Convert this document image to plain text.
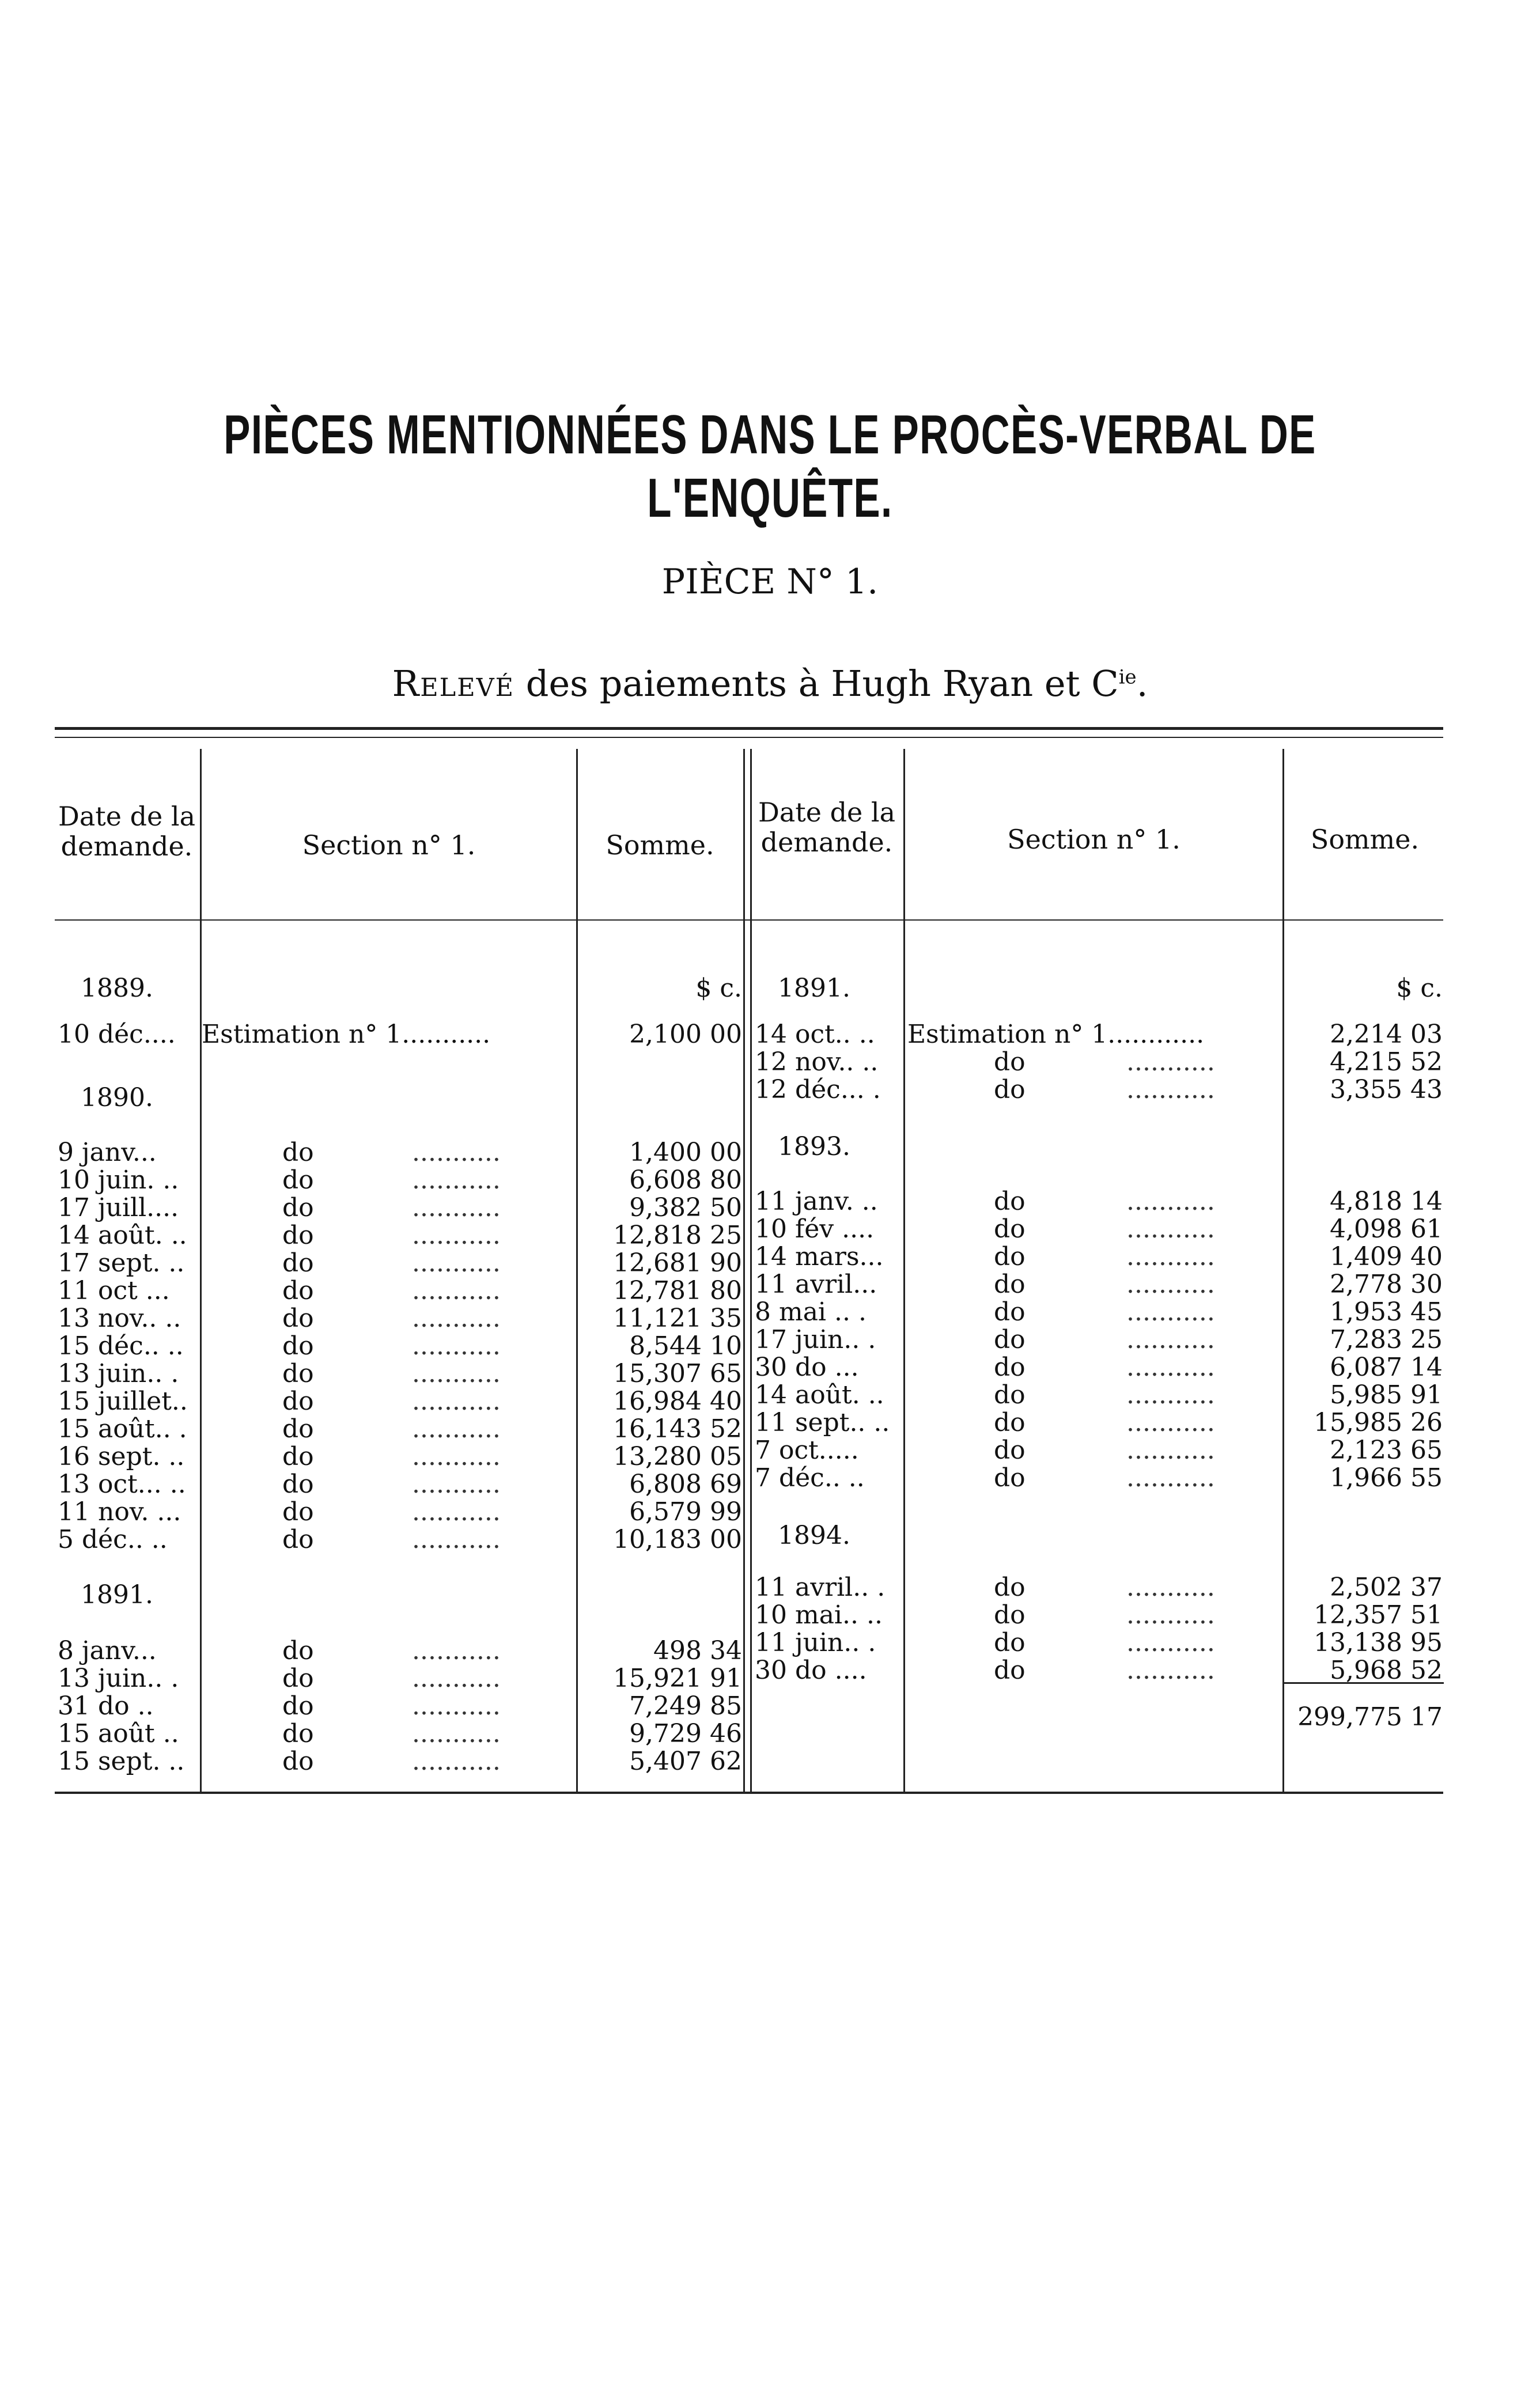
PIÈCES MENTIONNÉES DANS LE PROCÈS-VERBAL DE L'ENQUÊTE.
PIÈCE N° 1.
Relevé des paiements à Hugh Ryan et $C^{ie}$.
Date de la demande.	Section n° 1.	Somme.
Date de la demande.	Section n° 1.	Somme.
1889.	$ c.
10 déc.... Estimation n° 1...........	2,100 00
1890.
9 janv...	do	...........	1,400 00
10 juin. ..	do	...........	6,608 80
17 juill....	do	...........	9,382 50
14 août. ..	do	...........	12,818 25
17 sept. ..	do	...........	12,681 90
11 oct ...	do	...........	12,781 80
13 nov.. ..	do	...........	11,121 35
15 déc.. ..	do	...........	8,544 10
13 juin.. .	do	...........	15,307 65
15 juillet..	do	...........	16,984 40
15 août.. .	do	...........	16,143 52
16 sept. ..	do	...........	13,280 05
13 oct... ..	do	...........	6,808 69
11 nov. ...	do	...........	6,579 99
5 déc.. ..	do	...........	10,183 00
1891.
8 janv...	do	...........	498 34
13 juin.. .	do	...........	15,921 91
31 do ..	do	...........	7,249 85
15 août ..	do	...........	9,729 46
15 sept. ..	do	...........	5,407 62
1891.	$ c.
14 oct.. .. Estimation n° 1............	2,214 03
12 nov.. ..	do	...........	4,215 52
12 déc... .	do	...........	3,355 43
1893.
11 janv. ..	do	...........	4,818 14
10 fév ....	do	...........	4,098 61
14 mars...	do	...........	1,409 40
11 avril...	do	...........	2,778 30
8 mai .. .	do	...........	1,953 45
17 juin.. .	do	...........	7,283 25
30 do ...	do	...........	6,087 14
14 août. ..	do	...........	5,985 91
11 sept.. ..	do	...........	15,985 26
7 oct.....	do	...........	2,123 65
7 déc.. ..	do	...........	1,966 55
1894.
11 avril.. .	do	...........	2,502 37
10 mai.. ..	do	...........	12,357 51
11 juin.. .	do	...........	13,138 95
30 do ....	do	...........	5,968 52
299,775 17
